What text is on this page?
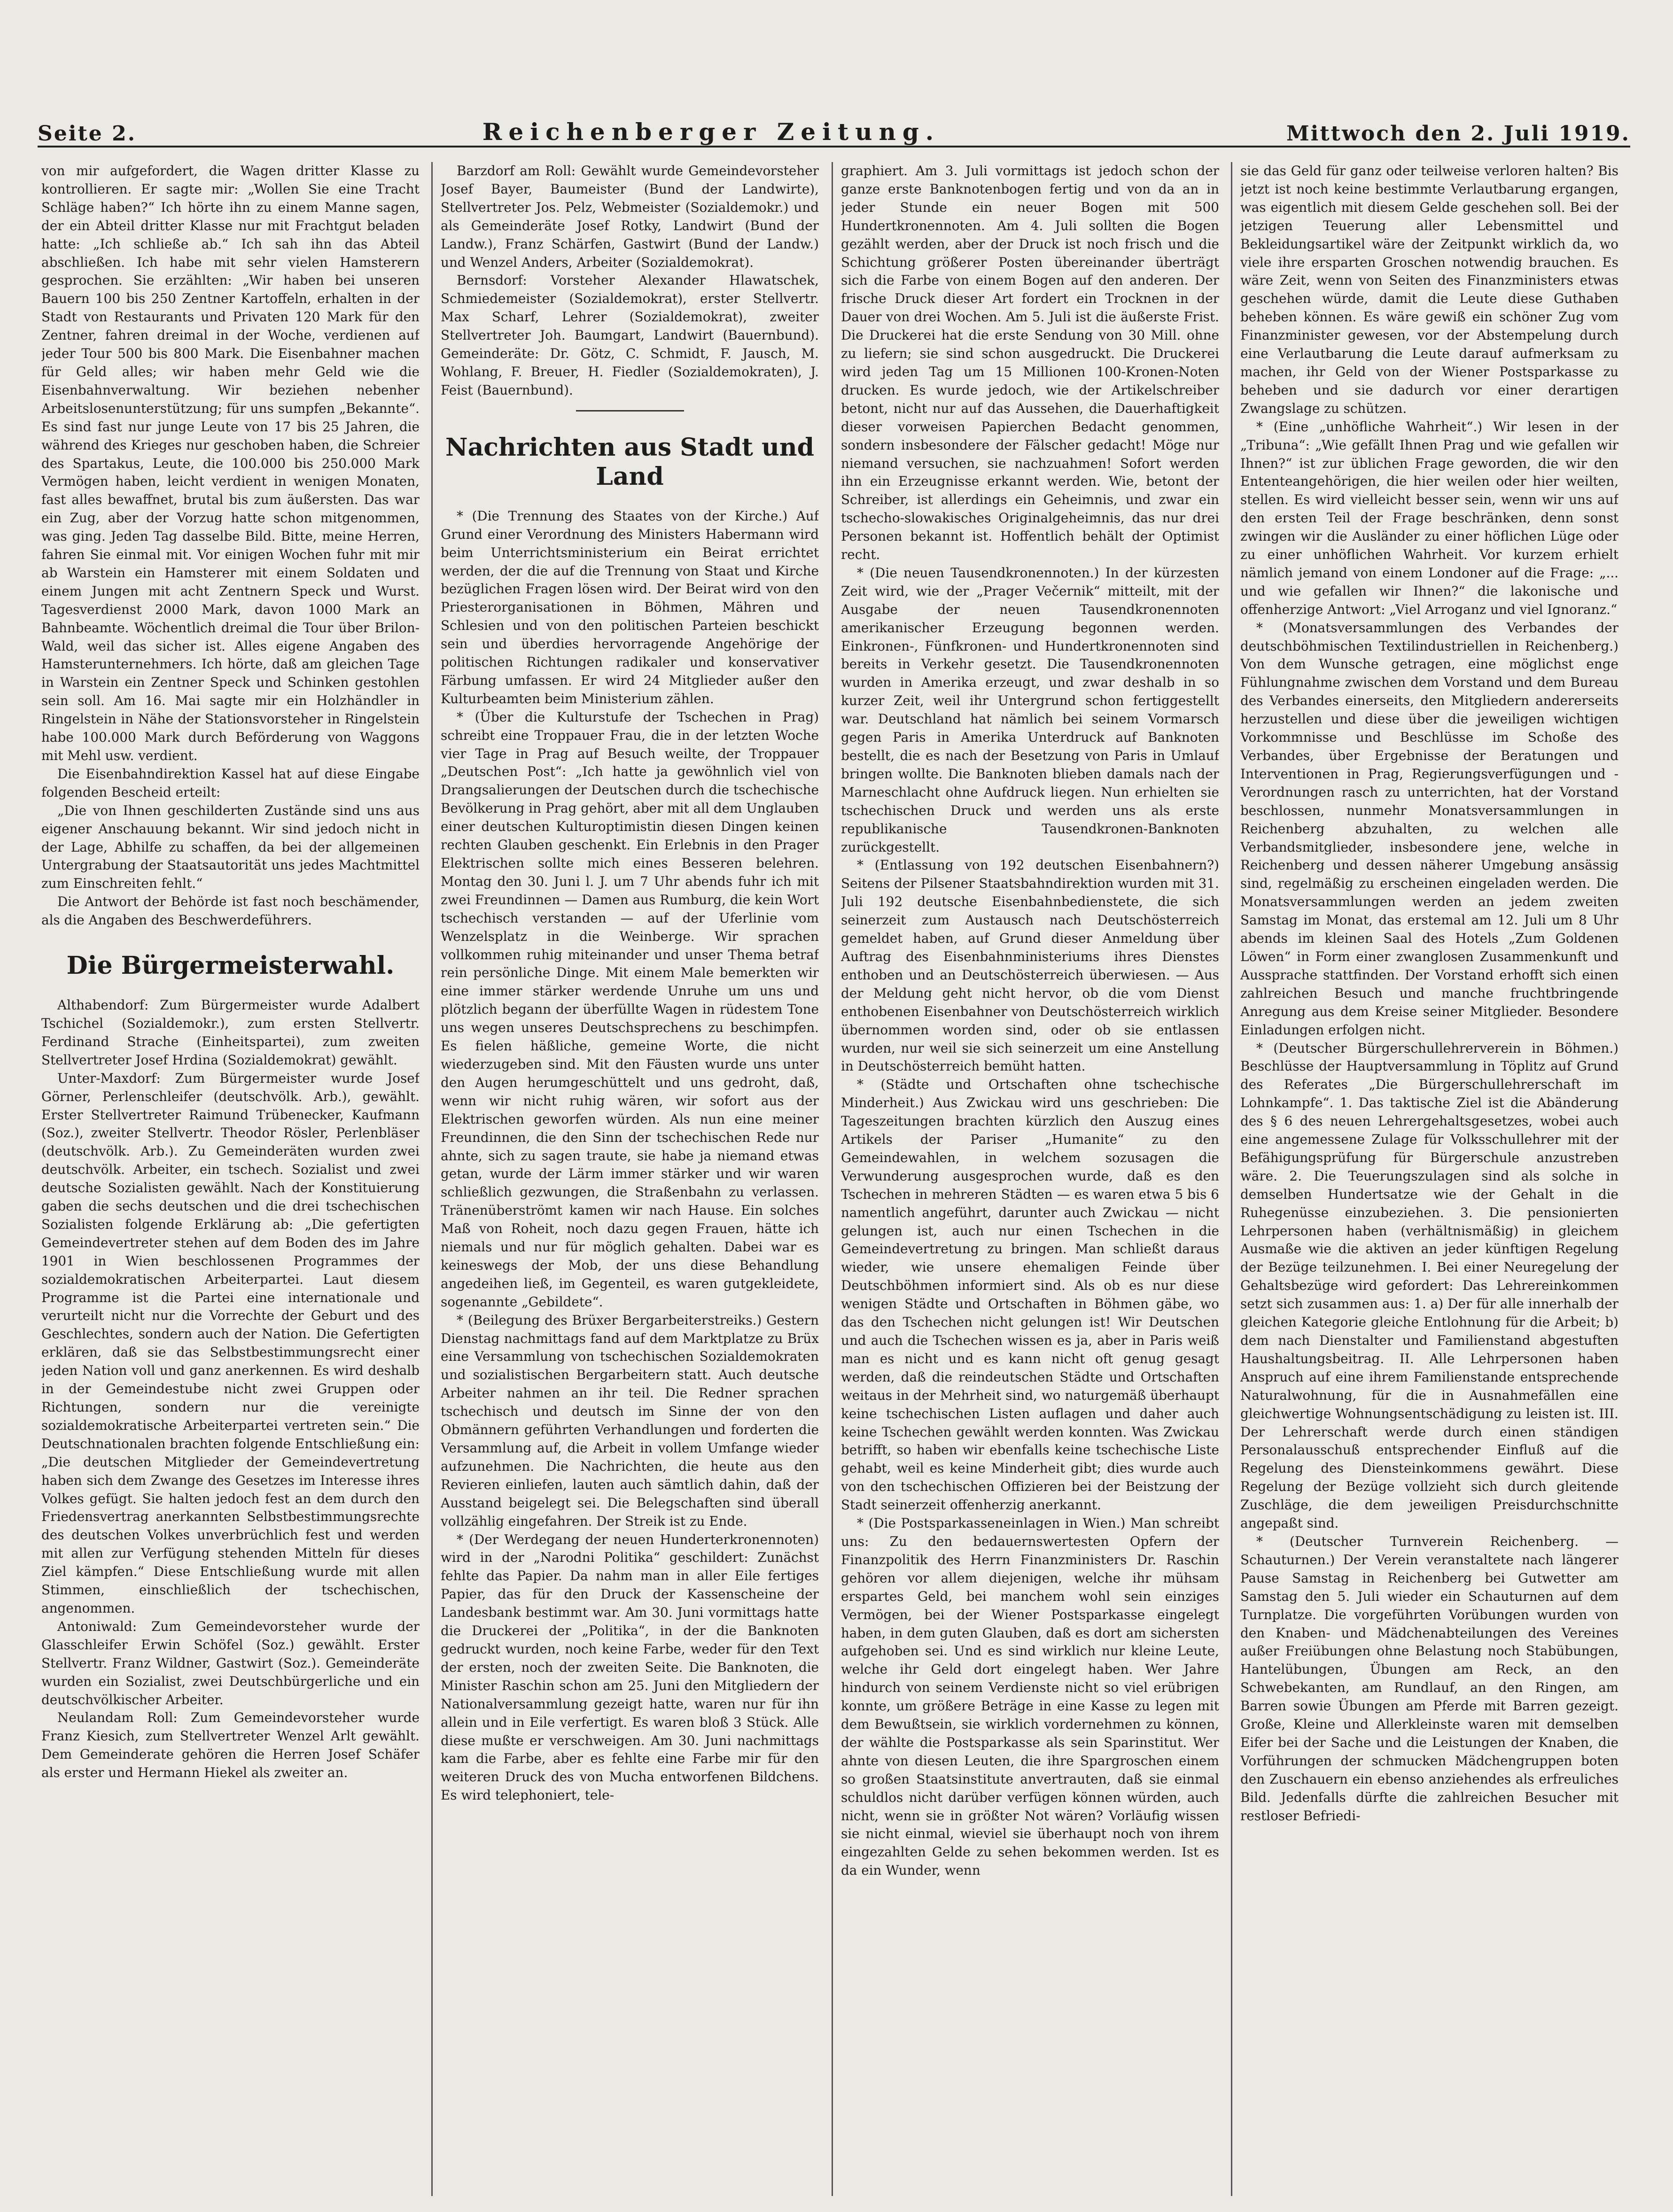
Seite 2.	Reichenberger Zeitung.	Mittwoch den 2. Juli 1919.

von mir aufgefordert, die Wagen dritter Klasse zu kontrollieren. Er sagte mir: „Wollen Sie eine Tracht Schläge haben?“ Ich hörte ihn zu einem Manne sagen, der ein Abteil dritter Klasse nur mit Frachtgut beladen hatte: „Ich schließe ab.“ Ich sah ihn das Abteil abschließen. Ich habe mit sehr vielen Hamsterern gesprochen. Sie erzählten: „Wir haben bei unseren Bauern 100 bis 250 Zentner Kartoffeln, erhalten in der Stadt von Restaurants und Privaten 120 Mark für den Zentner, fahren dreimal in der Woche, verdienen auf jeder Tour 500 bis 800 Mark. Die Eisenbahner machen für Geld alles; wir haben mehr Geld wie die Eisenbahnverwaltung. Wir beziehen nebenher Arbeitslosenunterstützung; für uns sumpfen „Bekannte“. Es sind fast nur junge Leute von 17 bis 25 Jahren, die während des Krieges nur geschoben haben, die Schreier des Spartakus, Leute, die 100.000 bis 250.000 Mark Vermögen haben, leicht verdient in wenigen Monaten, fast alles bewaffnet, brutal bis zum äußersten. Das war ein Zug, aber der Vorzug hatte schon mitgenommen, was ging. Jeden Tag dasselbe Bild. Bitte, meine Herren, fahren Sie einmal mit. Vor einigen Wochen fuhr mit mir ab Warstein ein Hamsterer mit einem Soldaten und einem Jungen mit acht Zentnern Speck und Wurst. Tagesverdienst 2000 Mark, davon 1000 Mark an Bahnbeamte. Wöchentlich dreimal die Tour über Brilon-Wald, weil das sicher ist. Alles eigene Angaben des Hamsterunternehmers. Ich hörte, daß am gleichen Tage in Warstein ein Zentner Speck und Schinken gestohlen sein soll. Am 16. Mai sagte mir ein Holzhändler in Ringelstein in Nähe der Stationsvorsteher in Ringelstein habe 100.000 Mark durch Beförderung von Waggons mit Mehl usw. verdient.

Die Eisenbahndirektion Kassel hat auf diese Eingabe folgenden Bescheid erteilt:

„Die von Ihnen geschilderten Zustände sind uns aus eigener Anschauung bekannt. Wir sind jedoch nicht in der Lage, Abhilfe zu schaffen, da bei der allgemeinen Untergrabung der Staatsautorität uns jedes Machtmittel zum Einschreiten fehlt.“

Die Antwort der Behörde ist fast noch beschämender, als die Angaben des Beschwerdeführers.

Die Bürgermeisterwahl.

Althabendorf: Zum Bürgermeister wurde Adalbert Tschichel (Sozialdemokr.), zum ersten Stellvertr. Ferdinand Strache (Einheitspartei), zum zweiten Stellvertreter Josef Hrdina (Sozialdemokrat) gewählt.

Unter-Maxdorf: Zum Bürgermeister wurde Josef Görner, Perlenschleifer (deutschvölk. Arb.), gewählt. Erster Stellvertreter Raimund Trübenecker, Kaufmann (Soz.), zweiter Stellvertr. Theodor Rösler, Perlenbläser (deutschvölk. Arb.). Zu Gemeinderäten wurden zwei deutschvölk. Arbeiter, ein tschech. Sozialist und zwei deutsche Sozialisten gewählt. Nach der Konstituierung gaben die sechs deutschen und die drei tschechischen Sozialisten folgende Erklärung ab: „Die gefertigten Gemeindevertreter stehen auf dem Boden des im Jahre 1901 in Wien beschlossenen Programmes der sozialdemokratischen Arbeiterpartei. Laut diesem Programme ist die Partei eine internationale und verurteilt nicht nur die Vorrechte der Geburt und des Geschlechtes, sondern auch der Nation. Die Gefertigten erklären, daß sie das Selbstbestimmungsrecht einer jeden Nation voll und ganz anerkennen. Es wird deshalb in der Gemeindestube nicht zwei Gruppen oder Richtungen, sondern nur die vereinigte sozialdemokratische Arbeiterpartei vertreten sein.“ Die Deutschnationalen brachten folgende Entschließung ein: „Die deutschen Mitglieder der Gemeindevertretung haben sich dem Zwange des Gesetzes im Interesse ihres Volkes gefügt. Sie halten jedoch fest an dem durch den Friedensvertrag anerkannten Selbstbestimmungsrechte des deutschen Volkes unverbrüchlich fest und werden mit allen zur Verfügung stehenden Mitteln für dieses Ziel kämpfen.“ Diese Entschließung wurde mit allen Stimmen, einschließlich der tschechischen, angenommen.

Antoniwald: Zum Gemeindevorsteher wurde der Glasschleifer Erwin Schöfel (Soz.) gewählt. Erster Stellvertr. Franz Wildner, Gastwirt (Soz.). Gemeinderäte wurden ein Sozialist, zwei Deutschbürgerliche und ein deutschvölkischer Arbeiter.

Neulandam Roll: Zum Gemeindevorsteher wurde Franz Kiesich, zum Stellvertreter Wenzel Arlt gewählt. Dem Gemeinderate gehören die Herren Josef Schäfer als erster und Hermann Hiekel als zweiter an.

Barzdorf am Roll: Gewählt wurde Gemeindevorsteher Josef Bayer, Baumeister (Bund der Landwirte), Stellvertreter Jos. Pelz, Webmeister (Sozialdemokr.) und als Gemeinderäte Josef Rotky, Landwirt (Bund der Landw.), Franz Schärfen, Gastwirt (Bund der Landw.) und Wenzel Anders, Arbeiter (Sozialdemokrat).

Bernsdorf: Vorsteher Alexander Hlawatschek, Schmiedemeister (Sozialdemokrat), erster Stellvertr. Max Scharf, Lehrer (Sozialdemokrat), zweiter Stellvertreter Joh. Baumgart, Landwirt (Bauernbund). Gemeinderäte: Dr. Götz, C. Schmidt, F. Jausch, M. Wohlang, F. Breuer, H. Fiedler (Sozialdemokraten), J. Feist (Bauernbund).

Nachrichten aus Stadt und Land

* (Die Trennung des Staates von der Kirche.) Auf Grund einer Verordnung des Ministers Habermann wird beim Unterrichtsministerium ein Beirat errichtet werden, der die auf die Trennung von Staat und Kirche bezüglichen Fragen lösen wird. Der Beirat wird von den Priesterorganisationen in Böhmen, Mähren und Schlesien und von den politischen Parteien beschickt sein und überdies hervorragende Angehörige der politischen Richtungen radikaler und konservativer Färbung umfassen. Er wird 24 Mitglieder außer den Kulturbeamten beim Ministerium zählen.

* (Über die Kulturstufe der Tschechen in Prag) schreibt eine Troppauer Frau, die in der letzten Woche vier Tage in Prag auf Besuch weilte, der Troppauer „Deutschen Post“: „Ich hatte ja gewöhnlich viel von Drangsalierungen der Deutschen durch die tschechische Bevölkerung in Prag gehört, aber mit all dem Unglauben einer deutschen Kulturoptimistin diesen Dingen keinen rechten Glauben geschenkt. Ein Erlebnis in den Prager Elektrischen sollte mich eines Besseren belehren. Montag den 30. Juni l. J. um 7 Uhr abends fuhr ich mit zwei Freundinnen — Damen aus Rumburg, die kein Wort tschechisch verstanden — auf der Uferlinie vom Wenzelsplatz in die Weinberge. Wir sprachen vollkommen ruhig miteinander und unser Thema betraf rein persönliche Dinge. Mit einem Male bemerkten wir eine immer stärker werdende Unruhe um uns und plötzlich begann der überfüllte Wagen in rüdestem Tone uns wegen unseres Deutschsprechens zu beschimpfen. Es fielen häßliche, gemeine Worte, die nicht wiederzugeben sind. Mit den Fäusten wurde uns unter den Augen herumgeschüttelt und uns gedroht, daß, wenn wir nicht ruhig wären, wir sofort aus der Elektrischen geworfen würden. Als nun eine meiner Freundinnen, die den Sinn der tschechischen Rede nur ahnte, sich zu sagen traute, sie habe ja niemand etwas getan, wurde der Lärm immer stärker und wir waren schließlich gezwungen, die Straßenbahn zu verlassen. Tränenüberströmt kamen wir nach Hause. Ein solches Maß von Roheit, noch dazu gegen Frauen, hätte ich niemals und nur für möglich gehalten. Dabei war es keineswegs der Mob, der uns diese Behandlung angedeihen ließ, im Gegenteil, es waren gutgekleidete, sogenannte „Gebildete“.

* (Beilegung des Brüxer Bergarbeiterstreiks.) Gestern Dienstag nachmittags fand auf dem Marktplatze zu Brüx eine Versammlung von tschechischen Sozialdemokraten und sozialistischen Bergarbeitern statt. Auch deutsche Arbeiter nahmen an ihr teil. Die Redner sprachen tschechisch und deutsch im Sinne der von den Obmännern geführten Verhandlungen und forderten die Versammlung auf, die Arbeit in vollem Umfange wieder aufzunehmen. Die Nachrichten, die heute aus den Revieren einliefen, lauten auch sämtlich dahin, daß der Ausstand beigelegt sei. Die Belegschaften sind überall vollzählig eingefahren. Der Streik ist zu Ende.

* (Der Werdegang der neuen Hunderterkronennoten) wird in der „Narodni Politika“ geschildert: Zunächst fehlte das Papier. Da nahm man in aller Eile fertiges Papier, das für den Druck der Kassenscheine der Landesbank bestimmt war. Am 30. Juni vormittags hatte die Druckerei der „Politika“, in der die Banknoten gedruckt wurden, noch keine Farbe, weder für den Text der ersten, noch der zweiten Seite. Die Banknoten, die Minister Raschin schon am 25. Juni den Mitgliedern der Nationalversammlung gezeigt hatte, waren nur für ihn allein und in Eile verfertigt. Es waren bloß 3 Stück. Alle diese mußte er verschweigen. Am 30. Juni nachmittags kam die Farbe, aber es fehlte eine Farbe mir für den weiteren Druck des von Mucha entworfenen Bildchens. Es wird telephoniert, tele-

graphiert. Am 3. Juli vormittags ist jedoch schon der ganze erste Banknotenbogen fertig und von da an in jeder Stunde ein neuer Bogen mit 500 Hundertkronennoten. Am 4. Juli sollten die Bogen gezählt werden, aber der Druck ist noch frisch und die Schichtung größerer Posten übereinander überträgt sich die Farbe von einem Bogen auf den anderen. Der frische Druck dieser Art fordert ein Trocknen in der Dauer von drei Wochen. Am 5. Juli ist die äußerste Frist. Die Druckerei hat die erste Sendung von 30 Mill. ohne zu liefern; sie sind schon ausgedruckt. Die Druckerei wird jeden Tag um 15 Millionen 100-Kronen-Noten drucken. Es wurde jedoch, wie der Artikelschreiber betont, nicht nur auf das Aussehen, die Dauerhaftigkeit dieser vorweisen Papierchen Bedacht genommen, sondern insbesondere der Fälscher gedacht! Möge nur niemand versuchen, sie nachzuahmen! Sofort werden ihn ein Erzeugnisse erkannt werden. Wie, betont der Schreiber, ist allerdings ein Geheimnis, und zwar ein tschecho-slowakisches Originalgeheimnis, das nur drei Personen bekannt ist. Hoffentlich behält der Optimist recht.

* (Die neuen Tausendkronennoten.) In der kürzesten Zeit wird, wie der „Prager Večernik“ mitteilt, mit der Ausgabe der neuen Tausendkronennoten amerikanischer Erzeugung begonnen werden. Einkronen-, Fünfkronen- und Hundertkronennoten sind bereits in Verkehr gesetzt. Die Tausendkronennoten wurden in Amerika erzeugt, und zwar deshalb in so kurzer Zeit, weil ihr Untergrund schon fertiggestellt war. Deutschland hat nämlich bei seinem Vormarsch gegen Paris in Amerika Unterdruck auf Banknoten bestellt, die es nach der Besetzung von Paris in Umlauf bringen wollte. Die Banknoten blieben damals nach der Marneschlacht ohne Aufdruck liegen. Nun erhielten sie tschechischen Druck und werden uns als erste republikanische Tausendkronen-Banknoten zurückgestellt.

* (Entlassung von 192 deutschen Eisenbahnern?) Seitens der Pilsener Staatsbahndirektion wurden mit 31. Juli 192 deutsche Eisenbahnbedienstete, die sich seinerzeit zum Austausch nach Deutschösterreich gemeldet haben, auf Grund dieser Anmeldung über Auftrag des Eisenbahnministeriums ihres Dienstes enthoben und an Deutschösterreich überwiesen. — Aus der Meldung geht nicht hervor, ob die vom Dienst enthobenen Eisenbahner von Deutschösterreich wirklich übernommen worden sind, oder ob sie entlassen wurden, nur weil sie sich seinerzeit um eine Anstellung in Deutschösterreich bemüht hatten.

* (Städte und Ortschaften ohne tschechische Minderheit.) Aus Zwickau wird uns geschrieben: Die Tageszeitungen brachten kürzlich den Auszug eines Artikels der Pariser „Humanite“ zu den Gemeindewahlen, in welchem sozusagen die Verwunderung ausgesprochen wurde, daß es den Tschechen in mehreren Städten — es waren etwa 5 bis 6 namentlich angeführt, darunter auch Zwickau — nicht gelungen ist, auch nur einen Tschechen in die Gemeindevertretung zu bringen. Man schließt daraus wieder, wie unsere ehemaligen Feinde über Deutschböhmen informiert sind. Als ob es nur diese wenigen Städte und Ortschaften in Böhmen gäbe, wo das den Tschechen nicht gelungen ist! Wir Deutschen und auch die Tschechen wissen es ja, aber in Paris weiß man es nicht und es kann nicht oft genug gesagt werden, daß die reindeutschen Städte und Ortschaften weitaus in der Mehrheit sind, wo naturgemäß überhaupt keine tschechischen Listen auflagen und daher auch keine Tschechen gewählt werden konnten. Was Zwickau betrifft, so haben wir ebenfalls keine tschechische Liste gehabt, weil es keine Minderheit gibt; dies wurde auch von den tschechischen Offizieren bei der Beistzung der Stadt seinerzeit offenherzig anerkannt.

* (Die Postsparkasseneinlagen in Wien.) Man schreibt uns: Zu den bedauernswertesten Opfern der Finanzpolitik des Herrn Finanzministers Dr. Raschin gehören vor allem diejenigen, welche ihr mühsam erspartes Geld, bei manchem wohl sein einziges Vermögen, bei der Wiener Postsparkasse eingelegt haben, in dem guten Glauben, daß es dort am sichersten aufgehoben sei. Und es sind wirklich nur kleine Leute, welche ihr Geld dort eingelegt haben. Wer Jahre hindurch von seinem Verdienste nicht so viel erübrigen konnte, um größere Beträge in eine Kasse zu legen mit dem Bewußtsein, sie wirklich vordernehmen zu können, der wählte die Postsparkasse als sein Sparinstitut. Wer ahnte von diesen Leuten, die ihre Spargroschen einem so großen Staatsinstitute anvertrauten, daß sie einmal schuldlos nicht darüber verfügen können würden, auch nicht, wenn sie in größter Not wären? Vorläufig wissen sie nicht einmal, wieviel sie überhaupt noch von ihrem eingezahlten Gelde zu sehen bekommen werden. Ist es da ein Wunder, wenn

sie das Geld für ganz oder teilweise verloren halten? Bis jetzt ist noch keine bestimmte Verlautbarung ergangen, was eigentlich mit diesem Gelde geschehen soll. Bei der jetzigen Teuerung aller Lebensmittel und Bekleidungsartikel wäre der Zeitpunkt wirklich da, wo viele ihre ersparten Groschen notwendig brauchen. Es wäre Zeit, wenn von Seiten des Finanzministers etwas geschehen würde, damit die Leute diese Guthaben beheben können. Es wäre gewiß ein schöner Zug vom Finanzminister gewesen, vor der Abstempelung durch eine Verlautbarung die Leute darauf aufmerksam zu machen, ihr Geld von der Wiener Postsparkasse zu beheben und sie dadurch vor einer derartigen Zwangslage zu schützen.

* (Eine „unhöfliche Wahrheit“.) Wir lesen in der „Tribuna“: „Wie gefällt Ihnen Prag und wie gefallen wir Ihnen?“ ist zur üblichen Frage geworden, die wir den Ententeangehörigen, die hier weilen oder hier weilten, stellen. Es wird vielleicht besser sein, wenn wir uns auf den ersten Teil der Frage beschränken, denn sonst zwingen wir die Ausländer zu einer höflichen Lüge oder zu einer unhöflichen Wahrheit. Vor kurzem erhielt nämlich jemand von einem Londoner auf die Frage: „... und wie gefallen wir Ihnen?“ die lakonische und offenherzige Antwort: „Viel Arroganz und viel Ignoranz.“

* (Monatsversammlungen des Verbandes der deutschböhmischen Textilindustriellen in Reichenberg.) Von dem Wunsche getragen, eine möglichst enge Fühlungnahme zwischen dem Vorstand und dem Bureau des Verbandes einerseits, den Mitgliedern andererseits herzustellen und diese über die jeweiligen wichtigen Vorkommnisse und Beschlüsse im Schoße des Verbandes, über Ergebnisse der Beratungen und Interventionen in Prag, Regierungsverfügungen und -Verordnungen rasch zu unterrichten, hat der Vorstand beschlossen, nunmehr Monatsversammlungen in Reichenberg abzuhalten, zu welchen alle Verbandsmitglieder, insbesondere jene, welche in Reichenberg und dessen näherer Umgebung ansässig sind, regelmäßig zu erscheinen eingeladen werden. Die Monatsversammlungen werden an jedem zweiten Samstag im Monat, das erstemal am 12. Juli um 8 Uhr abends im kleinen Saal des Hotels „Zum Goldenen Löwen“ in Form einer zwanglosen Zusammenkunft und Aussprache stattfinden. Der Vorstand erhofft sich einen zahlreichen Besuch und manche fruchtbringende Anregung aus dem Kreise seiner Mitglieder. Besondere Einladungen erfolgen nicht.

* (Deutscher Bürgerschullehrerverein in Böhmen.) Beschlüsse der Hauptversammlung in Töplitz auf Grund des Referates „Die Bürgerschullehrerschaft im Lohnkampfe“. 1. Das taktische Ziel ist die Abänderung des § 6 des neuen Lehrergehaltsgesetzes, wobei auch eine angemessene Zulage für Volksschullehrer mit der Befähigungsprüfung für Bürgerschule anzustreben wäre. 2. Die Teuerungszulagen sind als solche in demselben Hundertsatze wie der Gehalt in die Ruhegenüsse einzubeziehen. 3. Die pensionierten Lehrpersonen haben (verhältnismäßig) in gleichem Ausmaße wie die aktiven an jeder künftigen Regelung der Bezüge teilzunehmen. I. Bei einer Neuregelung der Gehaltsbezüge wird gefordert: Das Lehrereinkommen setzt sich zusammen aus: 1. a) Der für alle innerhalb der gleichen Kategorie gleiche Entlohnung für die Arbeit; b) dem nach Dienstalter und Familienstand abgestuften Haushaltungsbeitrag. II. Alle Lehrpersonen haben Anspruch auf eine ihrem Familienstande entsprechende Naturalwohnung, für die in Ausnahmefällen eine gleichwertige Wohnungsentschädigung zu leisten ist. III. Der Lehrerschaft werde durch einen ständigen Personalausschuß entsprechender Einfluß auf die Regelung des Diensteinkommens gewährt. Diese Regelung der Bezüge vollzieht sich durch gleitende Zuschläge, die dem jeweiligen Preisdurchschnitte angepaßt sind.

* (Deutscher Turnverein Reichenberg. — Schauturnen.) Der Verein veranstaltete nach längerer Pause Samstag in Reichenberg bei Gutwetter am Samstag den 5. Juli wieder ein Schauturnen auf dem Turnplatze. Die vorgeführten Vorübungen wurden von den Knaben- und Mädchenabteilungen des Vereines außer Freiübungen ohne Belastung noch Stabübungen, Hantelübungen, Übungen am Reck, an den Schwebekanten, am Rundlauf, an den Ringen, am Barren sowie Übungen am Pferde mit Barren gezeigt. Große, Kleine und Allerkleinste waren mit demselben Eifer bei der Sache und die Leistungen der Knaben, die Vorführungen der schmucken Mädchengruppen boten den Zuschauern ein ebenso anziehendes als erfreuliches Bild. Jedenfalls dürfte die zahlreichen Besucher mit restloser Befriedi-
